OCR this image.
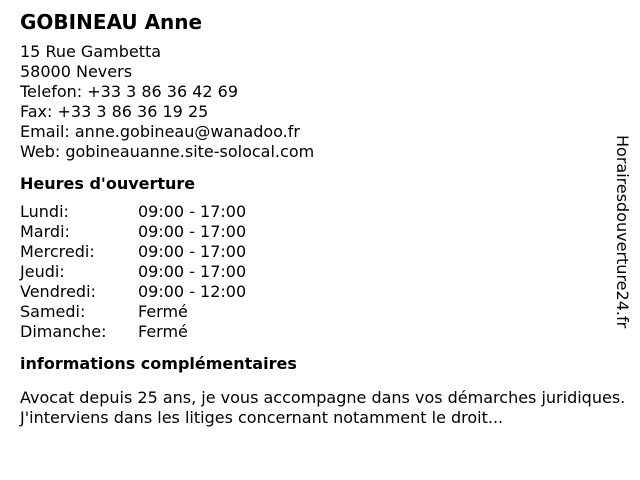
GOBINEAU Anne
15 Rue Gambetta
58000 Nevers
Telefon: +33 3 86 36 42 69
Fax: +33 3 86 36 19 25
Email: anne.gobineau@wanadoo.fr
Web: gobineauanne.site-solocal.com
Heures d'ouverture
Lundi:	09:00 - 17:00
Mardi:	09:00 - 17:00
Mercredi:	09:00 - 17:00
Jeudi:	09:00 - 17:00
Vendredi:	09:00 - 12:00
Samedi:	Fermé
Dimanche:	Fermé
informations complémentaires
Avocat depuis 25 ans, je vous accompagne dans vos démarches juridiques.
J'interviens dans les litiges concernant notamment le droit...
Horairesdouverture24.fr
